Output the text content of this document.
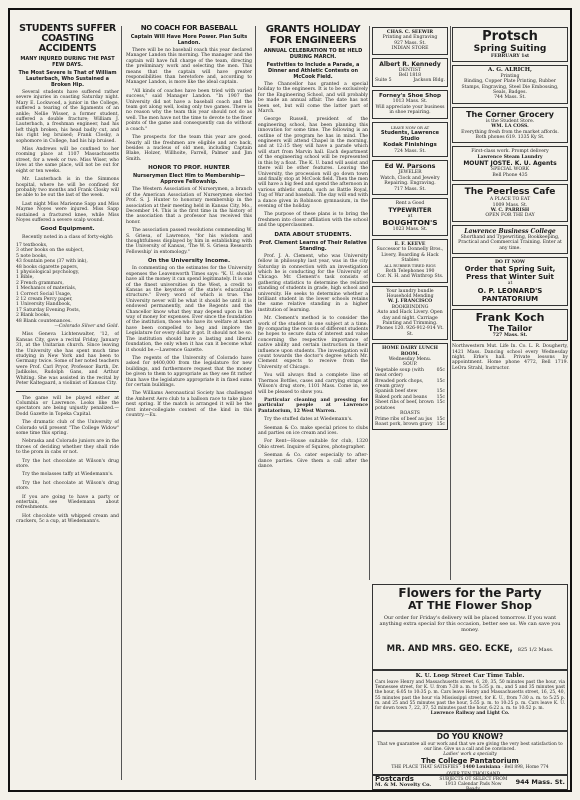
STUDENTS SUFFER COASTING ACCIDENTS
MANY INJURED DURING THE PAST FEW DAYS.
The Most Severe is That of William Lauterbach, Who Sustained a Broken Hip.

Several students have suffered rather severe injuries in coasting Saturday night. Mary E. Lockwood, a junior in the College, suffered a tearing of the ligaments of an ankle; Nellie Wisser, a former student, suffered a double fracture; William J. Lauterbach, a freshman engineer, had his left thigh broken, his head badly cut, and his right leg bruised; Frank Closky, a sophomore in College, had his hip bruised.

Miss Andrews will be confined to her rooming place at 1107 Massachusetts street, for a week or two. Miss Wiser, who lives at the same place, will not be out for eight or ten weeks.

Mr. Lauterbach is in the Simmons hospital, where he will be confined for probably two months and Frank Closky will be able to be out the last of the week.

Last night Miss Marienne Sapp and Miss Mayme Noyes were injured. Miss Sapp sustained a fractured knee, while Miss Noyes suffered a severe scalp wound.

Good Equipment.

Recently noted in a class of forty-eight:

17 textbooks,

3 other books on the subject,

5 note books,

43 fountain pens (37 with ink),

48 books cigarette papers,

1 physiological psychology,

1 Bible,

2 French grammars,

1 Mechanics of materials,

1 Correct Social Usage,

2 12 cream Percy paper,

1 University Handbook,

17 Saturday Evening Posts,

2 Blank books,

48 Blank countenances.

—Colorado Silver and Gold.

Miss Geneva Lichtenwalter, '12, of Kansas City, gave a recital Friday, January 31, at the Unitarian church. Since leaving the University she has spent much time studying in New York and has been to Germany twice. Some of her noted teachers were Prof. Carl Pryor, Professor Barth, Dr. Jadikolss, Rudolph Gans, and Arthur Whiting. She was assisted in the recital by Peter Kaltegaard, a violinist of Kansas City.

The game will be played either at Columbia or Lawrence. Looks like the spectators are being unjustly penalized.—Dodd Gazette in Topeka Capital.

The dramatic club of the University of Colorado will present "The College Widow" some time this spring.

Nebraska and Colorado juniors are in the throes of deciding whether they shall ride to the prom in cabs or not.

Try the hot chocolate at Wilson's drug store.

Try the molasses taffy at Wiedemann's.

Try the hot chocolate at Wilson's drug store.

If you are going to have a party or entertain, see Wiedemann about refreshments.

Hot chocolate with whipped cream and crackers, 5c a cup, at Wiedemann's.

NO COACH FOR BASEBALL
Captain Will Have More Power. Plan Suits Landon.

There will be no baseball coach this year declared Manager Landon this morning. The manager and the captain will have full charge of the team, directing the preliminary work and selecting the men. This means that the captain will have greater responsibilities than heretofore and, according to Manager Landon, is more like the ideal captain.

"All kinds of coaches have been tried with varied success," said Manager Landon. "In 1907 the University did not have a baseball coach and the team got along well, losing only two games. There is no reason why the team this year should not do as well. The men have not the time to devote to the finer points of the game and consequently can do without a coach."

The prospects for the team this year are good. Nearly all the freshmen are eligible and are back, besides a nucleus of old men, including Captain Blake, Holzer, Willhoite, Farrell, Palmer and Jim Smith.

HONOR TO PROF. HUNTER
Nurserymen Elect Him to Membership—Approve Fellowship.

The Western Association of Nurserymen, a branch of the American Association of Nurserymen elected Prof. S. J. Hunter to honorary membership in the association at their meeting held in Kansas City, Mo., December 14. This is the first time in the history of the association that a professor has received this honor.

The association passed resolutions commending W. S. Griesa, of Lawrence, "for his wisdom and thoughtfulness displayed by him in establishing with the University of Kansas, 'The W. S. Griesa Research Fellowship' in entomology."

On the University Income.

In commenting on the estimates for the University expenses the Leavenworth Times says: "K. U. should have all the money it can spend legitimately. It is one of the finest universities in the West, a credit to Kansas as the keystone of the state's educational structure." Every word of which is true. The University never will be what it should be until it is endowed permanently, and the Regents and the Chancellor know what they may depend upon in the way of money for expenses. Ever since the foundation of the institution, those who have its welfare at heart have been compelled to beg and implore the Legislature for every dollar it got. It should not be so. The institution should have a lasting and liberal foundation, the only when it has can it become what it should be.—Lawrence Gazette.

The regents of the University of Colorado have asked for $400,000 from the legislature for new buildings, and furthermore request that the money be given to them to appropriate as they see fit rather than have the legislature appropriate it in fixed sums for certain buildings.

The Williams Aeronautical Society has challenged the Amherst Aero club to a balloon race to take place next spring. If the match is arranged it will be the first inter-collegiate contest of the kind in this country.—Ex.

GRANTS HOLIDAY FOR ENGINEERS
ANNUAL CELEBRATION TO BE HELD DURING MARCH.
Festivities to Include a Parade, a Dinner and Athletic Contests on McCook Field.

The Chancellor has granted a special holiday to the engineers. It is to be exclusively for the Engineering School, and will probably be made an annual affair. The date has not been set, but will come the latter part of March.

George Russell, president of the engineering school, has been planning this innovation for some time. The following is an outline of the program he has in mind. The engineers will attend Chapel in the morning, and at 12:15 they will have a parade which will start from Marvin hall. Each department of the engineering school will be represented in this by a float. The K. U. band will assist and there will be other features. Leaving the University, the procession will go down town and finally stop at McCook field. Then the men will have a big feed and spend the afternoon in various athletic stunts, such as Battle Royal, Tug of War and baseball. The day will end with a dance given in Robinson gymnasium, in the evening of the holiday.

The purpose of these plans is to bring the freshmen into closer affiliation with the school and the upperclassmen.

DATA ABOUT STUDENTS.
Prof. Clement Learns of Their Relative Standing.

Prof. J. A. Clement, who was University fellow in philosophy last year, was in the city Saturday in connection with an investigation which he is conducting for the University of Chicago. Mr. Clement's task consists of gathering statistics to determine the relative standing of students in grade, high school and university. He seeks to determine whether a brilliant student in the lower schools retains the same relative standing in a higher institution of learning.

Mr. Clement's method is to consider the work of the student in one subject at a time. By comparing the records of different students he hopes to secure data of interest and value concerning the respective importance of native ability and certain instruction in their influence upon students. The investigation will count towards the doctor's degree which Mr. Clement expects to receive from the University of Chicago.

You will always find a complete line of Thermos Bottles, cases and carrying straps at Wilson's drug store, 1101 Mass. Come in, we will be pleased to show you.

Particular cleaning and pressing for particular people at Lawrence Pantatorium, 12 West Warren.

Try the stuffed dates at Wiedemann's.

Seeman & Co. make special prices to clubs and parties on ice cream and ices.

For Rent—House suitable for club, 1320 Ohio street. Inquire of Squires, photographer.

Seeman & Co. cater especially to after-dance parties. Give them a call after the dance.

CHAS. C. SEEWIR
Printing and Engraving
927 Mass. St.
INDIAN STORE
Albert R. Kennedy
DENTIST
Bell 1818
Suite 5	Jackson Bldg.
Forney's Shoe Shop
1013 Mass. St.
Will appreciate your business in shoe repairing.
LEAVE NOW OR AT
Students, Lawrence Studio
Kodak Finishings
724 Mass. St.
Ed W. Parsons
JEWELER
Watch, Clock and Jewelry Repairing. Engraving.
717 Mass. St.
Rent a Good
TYPEWRITER
at
BOUGHTON'S
1023 Mass. St.
E. F. KEEVE
Successor to Donnelly Bros., Livery, Boarding & Hack Stables
ALL RUBBER TIRED RIGS
Both Telephones 190
Cor. N. H. and Winthrop Sts.
Your laundry bundle
Household Mending
W. J. FRANCISCO
BOOKBINDING
Auto and Hack Livery. Open day and night. Carriage Painting and Trimming.
Phones 120. 926-912-914 Vt. St.
HOME DAIRY LUNCH ROOM.
Wednesday Menu.
SOUP.
Vegetable soup (with meat order)
05c
Breaded pork chops, cream gravy
15c
Spanish beef stew	15c
Baked pork and beans 15c
Sheet ribs of beef, brown potatoes
15c
ROASTS
Prime ribs of beef au jus 15c
Roast pork, brown gravy 15c
Protsch
Spring Suiting
FEBRUARY 1st
A. G. ALRICH,
Printing
Binding, Copper Plate Printing, Rubber Stamps, Engraving, Steel Die Embossing, Seals, Badges.
744 Mass. St.
The Corner Grocery
is the Student Store.
WM. LA COSS.
Everything fresh from the market affords. Both phones 619. 1335 Ky St.
First-class work. Prompt delivery
Lawrence Steam Laundry
MOUNT JOSTE. K. U. Agents
SPECIAL WORK
Bell Phone 435
The Peerless Cafe
A PLACE TO EAT
1009 Mass. St.
W. C. PARRISH
OPEN FOR THE DAY
Lawrence Business College
Shorthand and Typewriting, Bookkeeping, Practical and Commercial Training. Enter at any time.
DO IT NOW
Order that Spring Suit, Press that Winter Suit
at
O. P. LEONARD'S PANTATORIUM
Frank Koch
The Tailor
727 Mass. St.
Northwestern Mut. Life In. Co. L. R. Dougherty, 1421 Mass. Dancing school every Wednesday night. Erke's hall. Private lessons by appointment. Home phone 4772, Bell 1719. LeOra Strahl, Instructor.
Flowers for the Party
AT THE Flower Shop
Our order for Friday's delivery will be placed tomorrow. If you want anything extra special for this occasion, better see us. We can save you money.
MR. AND MRS. GEO. ECKE, 825 1/2 Mass.
K. U. Loop Street Car Time Table.
Cars leave Henry and Massachusetts street, 6, 20, 35, 50 minutes past the hour, via Tennessee street, for K. U. from 7:20 a. m. to 5:35 p. m., and 5 and 35 minutes past the hour, 6:05 to 10:35 p. m. Cars leave Henry and Massachusetts street, 16, 25, 40, 55 minutes past the hour via Mississippi street, for K. U., from 7:30 a. m. to 5:25 p. m. and 25 and 55 minutes past the hour, 5:55 p. m. to 10:25 p. m. Cars leave K. U. for down town 7, 22, 37, 52 minutes past the hour, 6:22 a. m. to 10:52 p. m.
Lawrence Railway and Light Co.
DO YOU KNOW?
That we guarantee all our work and that we are giving the very best satisfaction to our line. Give us a call and be convinced.
Ladies' work a specialty
The College Pantatorium
THE PLACE THAT SATISFIES · 1400 Louisiana · Bell 898, Home 774
Postcards
M. & M. Novelty Co.
OVER TEN THOUSAND SUBJECTS OT SELECT FROM
1913 Calendar Pads Now Ready.
944 Mass. St.
